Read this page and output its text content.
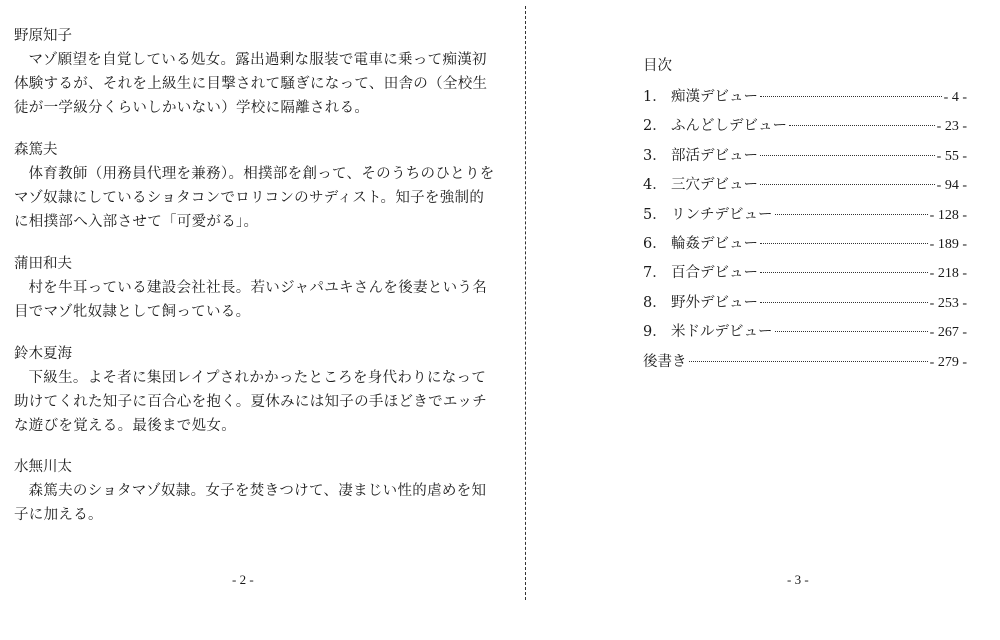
野原知子
マゾ願望を自覚している処女。露出過剰な服装で電車に乗って痴漢初体験するが、それを上級生に目撃されて騒ぎになって、田舎の（全校生徒が一学級分くらいしかいない）学校に隔離される。
森篤夫
体育教師（用務員代理を兼務）。相撲部を創って、そのうちのひとりをマゾ奴隷にしているショタコンでロリコンのサディスト。知子を強制的に相撲部へ入部させて「可愛がる」。
蒲田和夫
村を牛耳っている建設会社社長。若いジャパユキさんを後妻という名目でマゾ牝奴隷として飼っている。
鈴木夏海
下級生。よそ者に集団レイプされかかったところを身代わりになって助けてくれた知子に百合心を抱く。夏休みには知子の手ほどきでエッチな遊びを覚える。最後まで処女。
水無川太
森篤夫のショタマゾ奴隷。女子を焚きつけて、凄まじい性的虐めを知子に加える。
- 2 -
目次
1． 痴漢デビュー	- 4 -
2． ふんどしデビュー	- 23 -
3． 部活デビュー	- 55 -
4． 三穴デビュー	- 94 -
5． リンチデビュー	- 128 -
6． 輪姦デビュー	- 189 -
7． 百合デビュー	- 218 -
8． 野外デビュー	- 253 -
9． 米ドルデビュー	- 267 -
後書き	- 279 -
- 3 -
